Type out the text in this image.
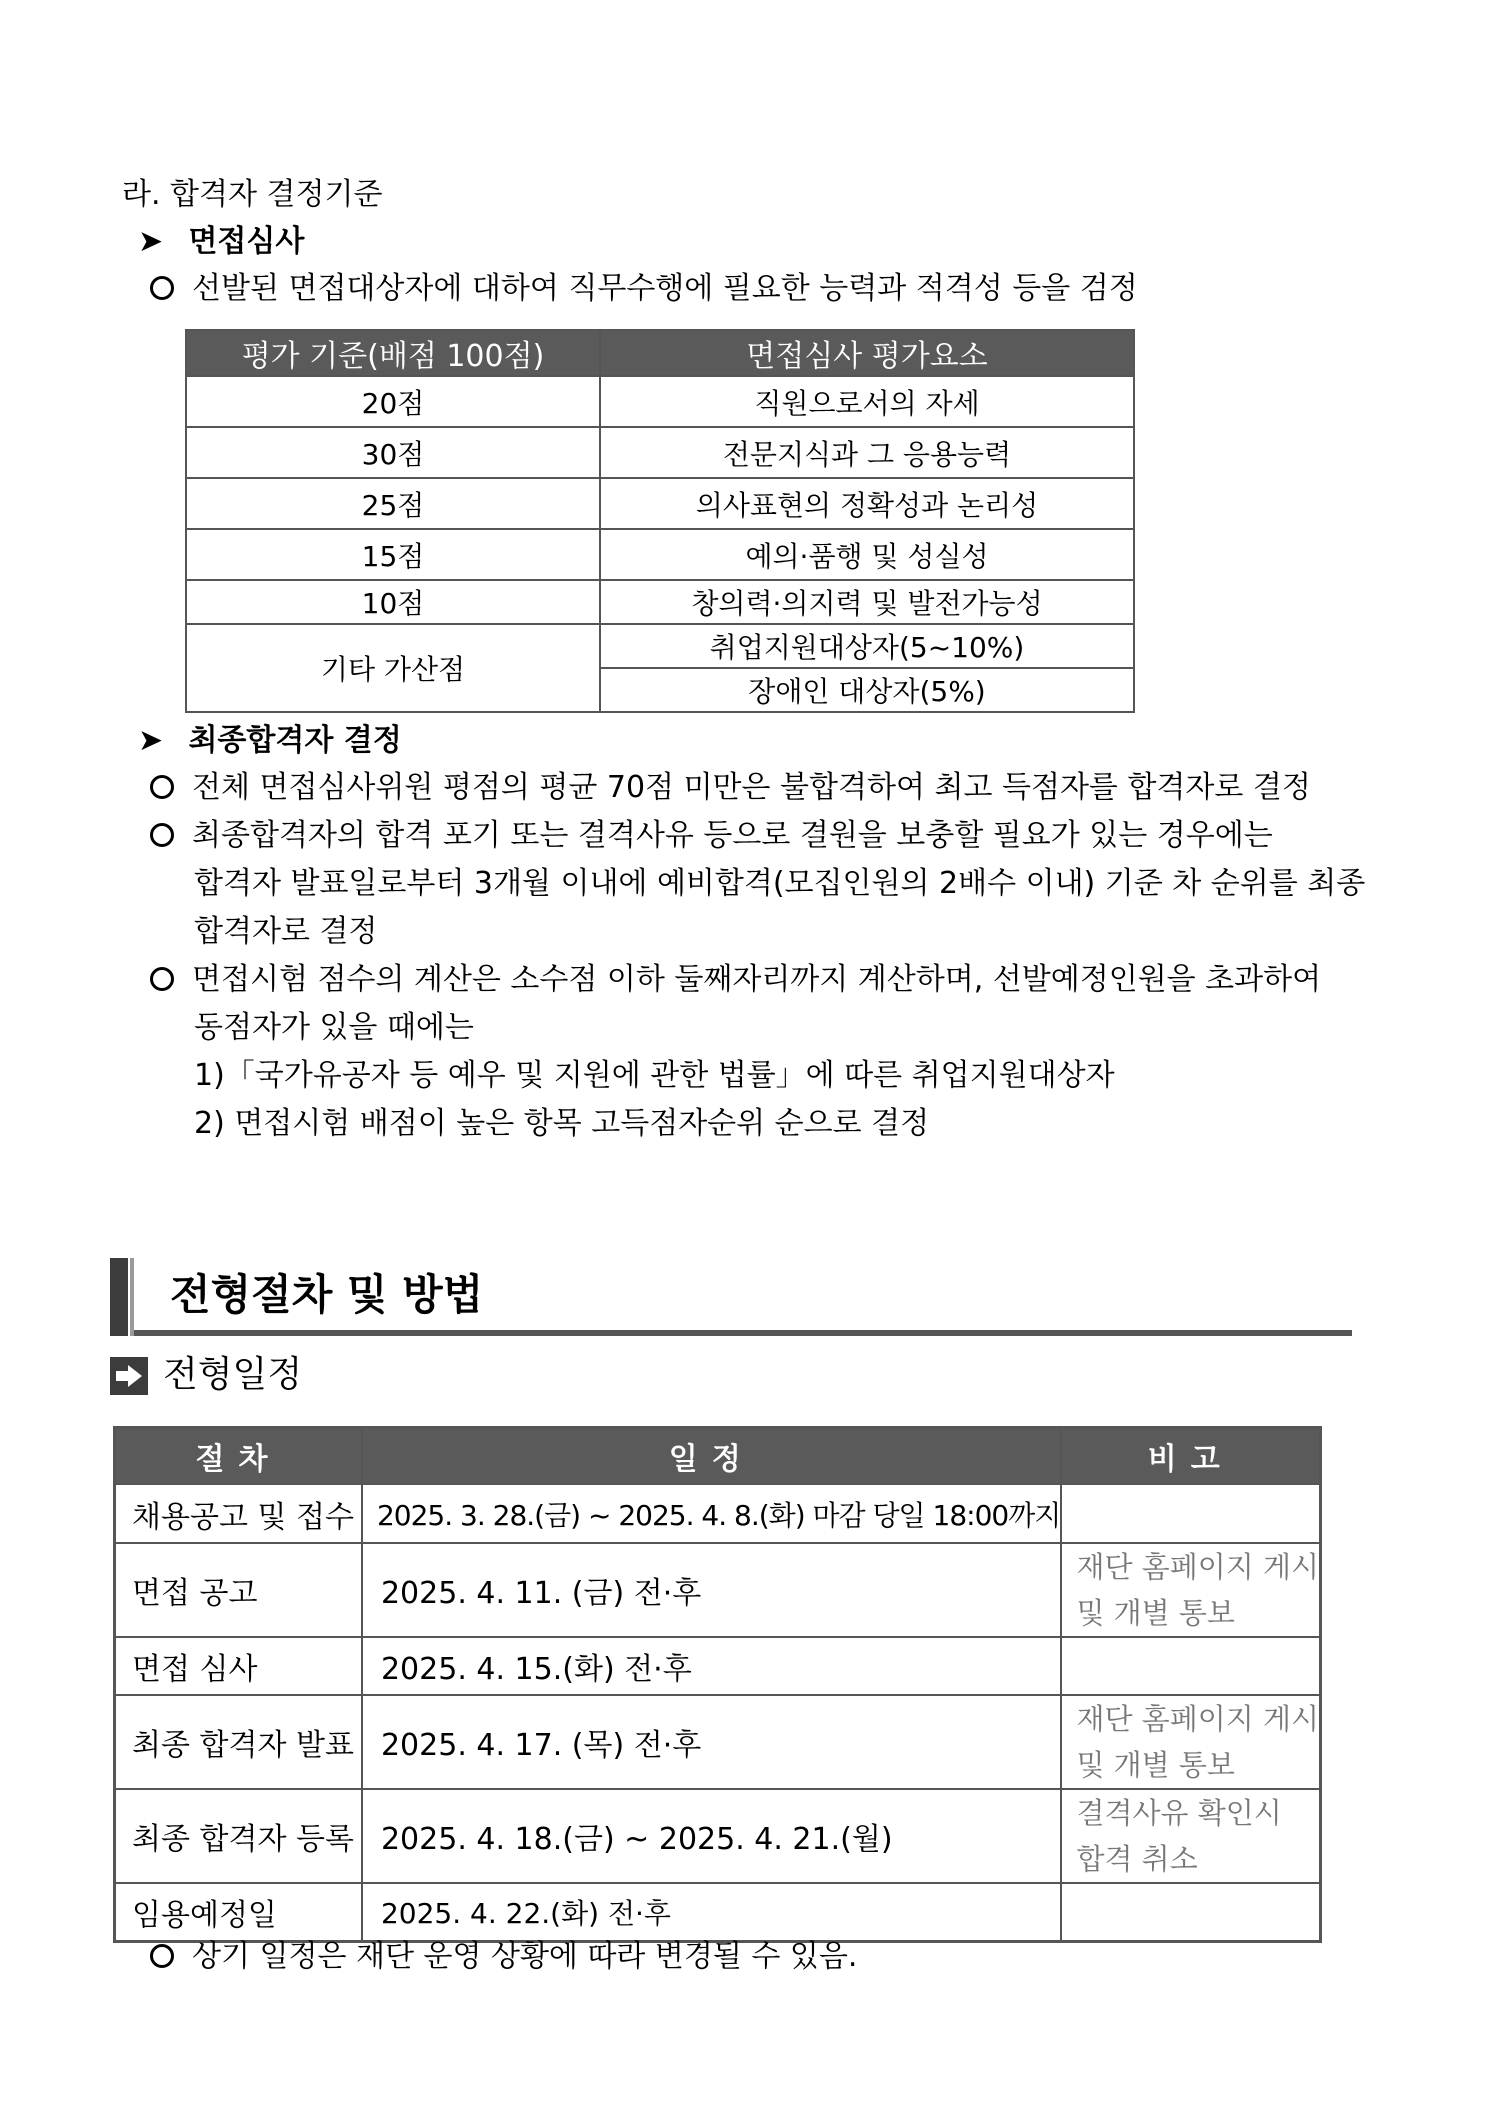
라. 합격자 결정기준
➤ 면접심사
선발된 면접대상자에 대하여 직무수행에 필요한 능력과 적격성 등을 검정
평가 기준(배점 100점)	면접심사 평가요소
20점	직원으로서의 자세
30점	전문지식과 그 응용능력
25점	의사표현의 정확성과 논리성
15점	예의·품행 및 성실성
10점	창의력·의지력 및 발전가능성
기타 가산점	취업지원대상자(5~10%)
	장애인 대상자(5%)
➤ 최종합격자 결정
전체 면접심사위원 평점의 평균 70점 미만은 불합격하여 최고 득점자를 합격자로 결정
최종합격자의 합격 포기 또는 결격사유 등으로 결원을 보충할 필요가 있는 경우에는
합격자 발표일로부터 3개월 이내에 예비합격(모집인원의 2배수 이내) 기준 차 순위를 최종
합격자로 결정
면접시험 점수의 계산은 소수점 이하 둘째자리까지 계산하며, 선발예정인원을 초과하여
동점자가 있을 때에는
1)「국가유공자 등 예우 및 지원에 관한 법률」에 따른 취업지원대상자
2) 면접시험 배점이 높은 항목 고득점자순위 순으로 결정
전형절차 및 방법
전형일정
절차	일정	비고
채용공고 및 접수	2025. 3. 28.(금) ~ 2025. 4. 8.(화) 마감 당일 18:00까지	
면접 공고	2025. 4. 11. (금) 전·후	재단 홈페이지 게시
및 개별 통보

면접 심사	2025. 4. 15.(화) 전·후	
최종 합격자 발표	2025. 4. 17. (목) 전·후	재단 홈페이지 게시
및 개별 통보

최종 합격자 등록	2025. 4. 18.(금) ~ 2025. 4. 21.(월)	결격사유 확인시
합격 취소

임용예정일	2025. 4. 22.(화) 전·후	
상기 일정은 재단 운영 상황에 따라 변경될 수 있음.
